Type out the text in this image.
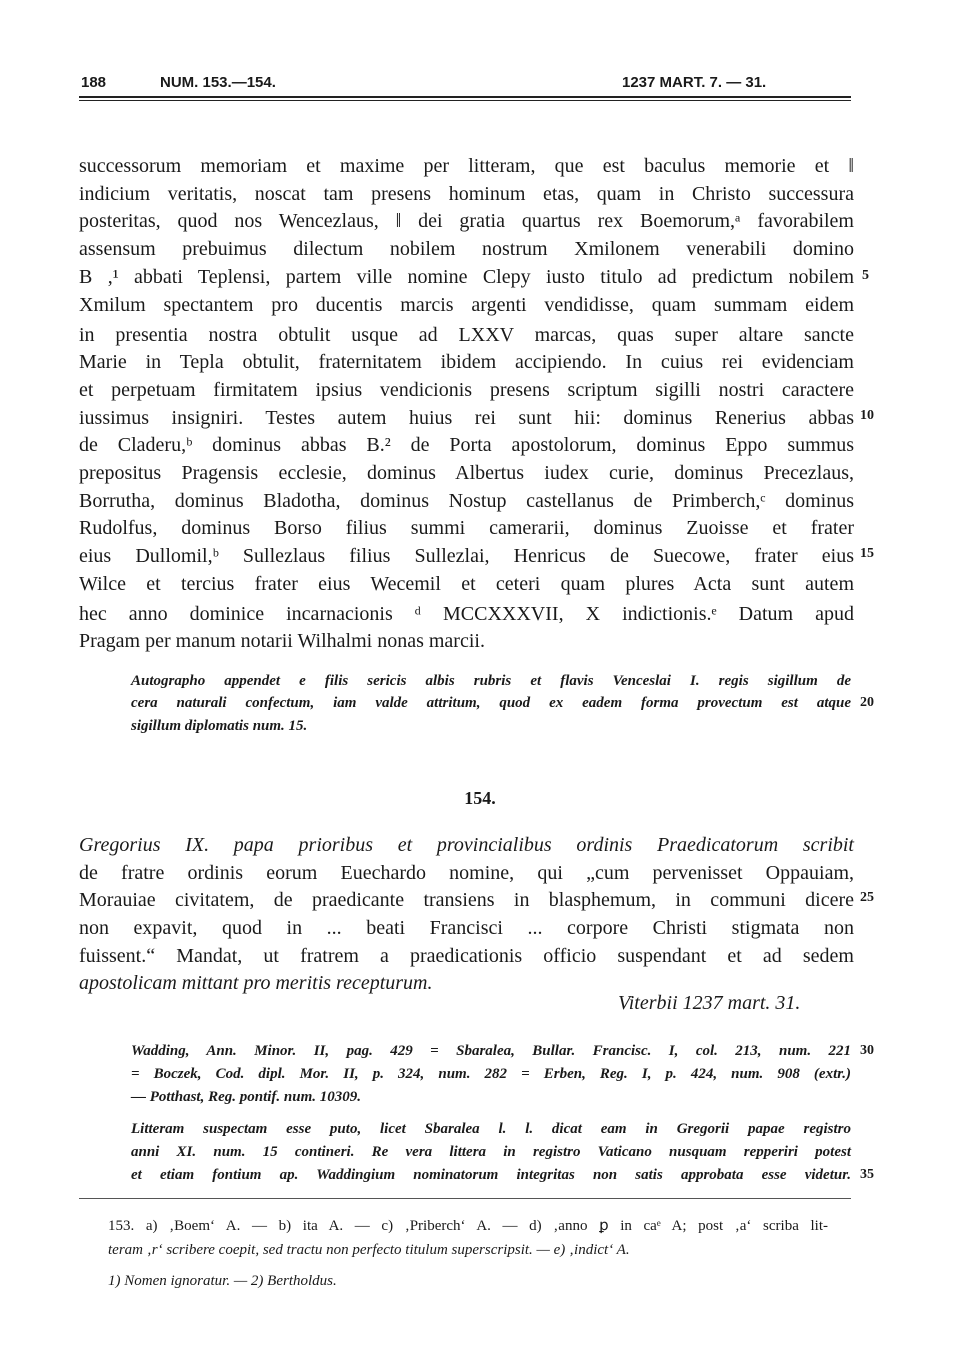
188	NUM. 153.—154.	1237 MART. 7. — 31.
successorum memoriam et maxime per litteram, que est baculus memorie et ‖
indicium veritatis, noscat tam presens hominum etas, quam in Christo successura
posteritas, quod nos Wencezlaus, ‖ dei gratia quartus rex Boemorum,ᵃ favorabilem
assensum prebuimus dilectum nobilem nostrum Xmilonem venerabili domino
B ,¹ abbati Teplensi, partem ville nomine Clepy iusto titulo ad predictum nobilem
Xmilum spectantem pro ducentis marcis argenti vendidisse, quam summam eidem
in presentia nostra obtulit usque ad LXXV marcas, quas super altare sancte
Marie in Tepla obtulit, fraternitatem ibidem accipiendo. In cuius rei evidenciam
et perpetuam firmitatem ipsius vendicionis presens scriptum sigilli nostri caractere
iussimus insigniri. Testes autem huius rei sunt hii: dominus Renerius abbas
de Claderu,ᵇ dominus abbas B.² de Porta apostolorum, dominus Eppo summus
prepositus Pragensis ecclesie, dominus Albertus iudex curie, dominus Precezlaus,
Borrutha, dominus Bladotha, dominus Nostup castellanus de Primberch,ᶜ dominus
Rudolfus, dominus Borso filius summi camerarii, dominus Zuoisse et frater
eius Dullomil,ᵇ Sullezlaus filius Sullezlai, Henricus de Suecowe, frater eius
Wilce et tercius frater eius Wecemil et ceteri quam plures Acta sunt autem
hec anno dominice incarnacionis ᵈ MCCXXXVII, X indictionis.ᵉ Datum apud
Pragam per manum notarii Wilhalmi nonas marcii.
Autographo appendet e filis sericis albis rubris et flavis Venceslai I. regis sigillum de
cera naturali confectum, iam valde attritum, quod ex eadem forma provectum est atque
sigillum diplomatis num. 15.
154.
Gregorius IX. papa prioribus et provincialibus ordinis Praedicatorum scribit
de fratre ordinis eorum Euechardo nomine, qui „cum pervenisset Oppauiam,
Morauiae civitatem, de praedicante transiens in blasphemum, in communi dicere
non expavit, quod in ... beati Francisci ... corpore Christi stigmata non
fuissent.“ Mandat, ut fratrem a praedicationis officio suspendant et ad sedem
apostolicam mittant pro meritis recepturum.
Viterbii 1237 mart. 31.
Wadding, Ann. Minor. II, pag. 429 = Sbaralea, Bullar. Francisc. I, col. 213, num. 221
= Boczek, Cod. dipl. Mor. II, p. 324, num. 282 = Erben, Reg. I, p. 424, num. 908 (extr.)
— Potthast, Reg. pontif. num. 10309.
Litteram suspectam esse puto, licet Sbaralea l. l. dicat eam in Gregorii papae registro
anni XI. num. 15 contineri. Re vera littera in registro Vaticano nusquam repperiri potest
et etiam fontium ap. Waddingium nominatorum integritas non satis approbata esse videtur.
5
10
15
20
25
30
35
153. a) ‚Boem‘ A. — b) ita A. — c) ‚Priberch‘ A. — d) ‚anno ꝑ in caᵉ A; post ‚a‘ scriba lit-
teram ‚r‘ scribere coepit, sed tractu non perfecto titulum superscripsit. — e) ‚indict‘ A.
1) Nomen ignoratur. — 2) Bertholdus.
